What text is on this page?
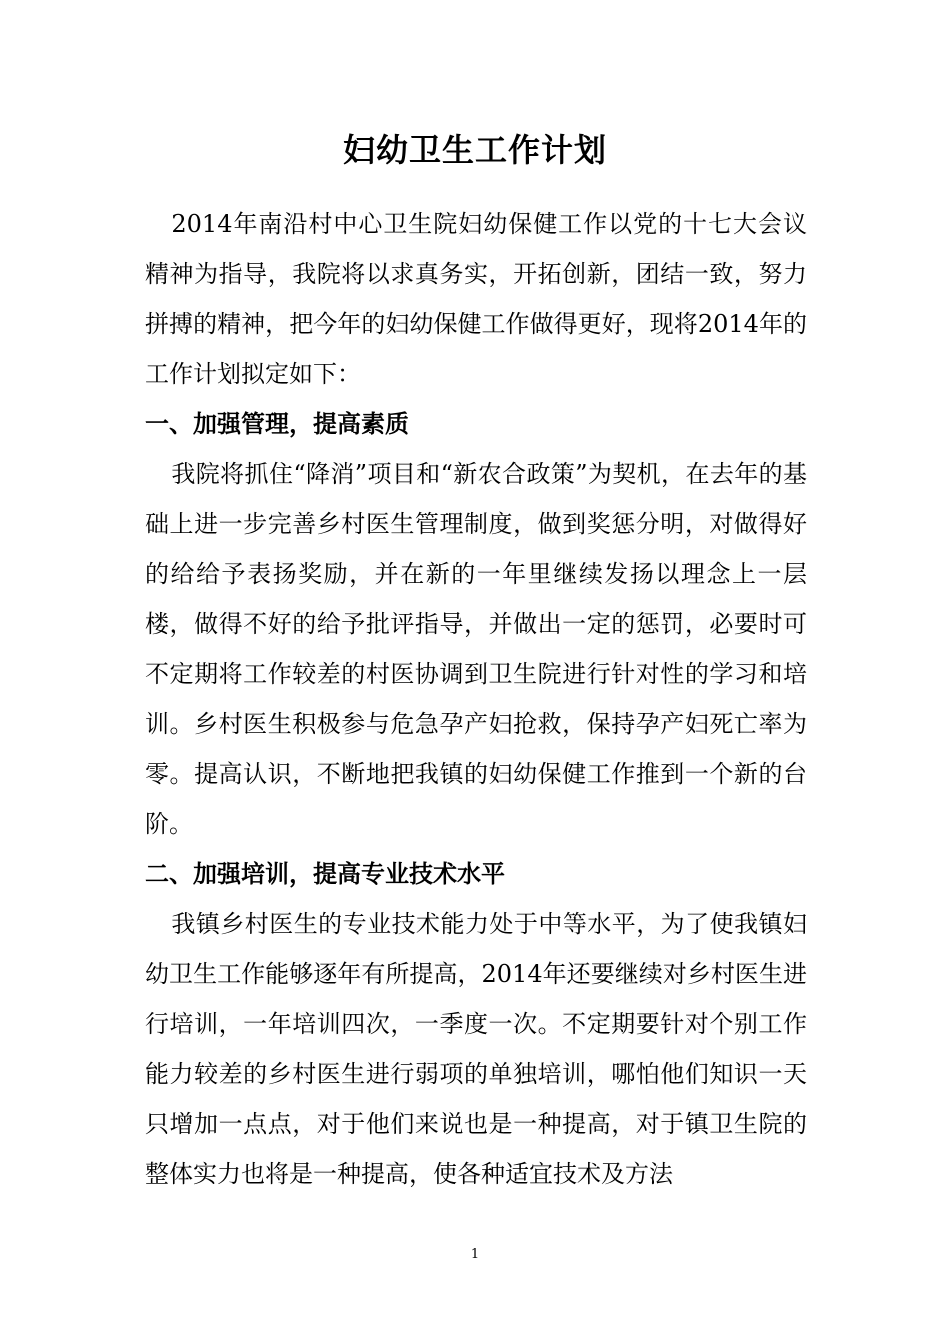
妇幼卫生工作计划

2014年南沿村中心卫生院妇幼保健工作以党的十七大会议精神为指导，我院将以求真务实，开拓创新，团结一致，努力拼搏的精神，把今年的妇幼保健工作做得更好，现将2014年的工作计划拟定如下：

一、加强管理，提高素质

我院将抓住“降消”项目和“新农合政策”为契机，在去年的基础上进一步完善乡村医生管理制度，做到奖惩分明，对做得好的给给予表扬奖励，并在新的一年里继续发扬以理念上一层楼，做得不好的给予批评指导，并做出一定的惩罚，必要时可不定期将工作较差的村医协调到卫生院进行针对性的学习和培训。乡村医生积极参与危急孕产妇抢救，保持孕产妇死亡率为零。提高认识，不断地把我镇的妇幼保健工作推到一个新的台阶。

二、加强培训，提高专业技术水平

我镇乡村医生的专业技术能力处于中等水平，为了使我镇妇幼卫生工作能够逐年有所提高，2014年还要继续对乡村医生进行培训，一年培训四次，一季度一次。不定期要针对个别工作能力较差的乡村医生进行弱项的单独培训，哪怕他们知识一天只增加一点点，对于他们来说也是一种提高，对于镇卫生院的整体实力也将是一种提高，使各种适宜技术及方法

1
